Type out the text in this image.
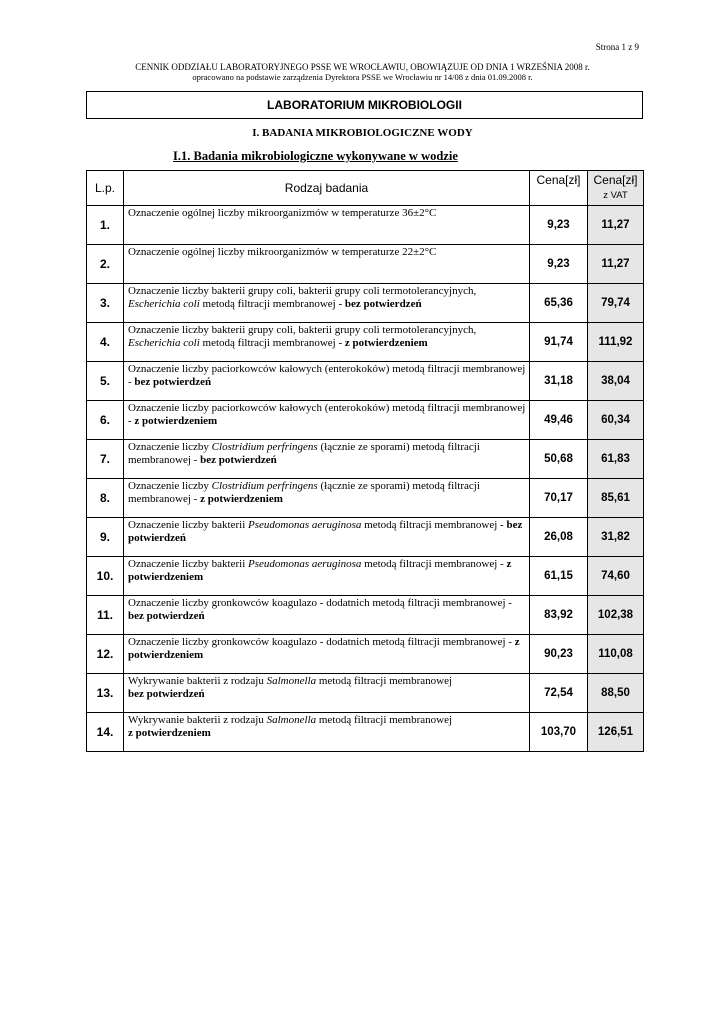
Strona 1 z 9
CENNIK ODDZIAŁU LABORATORYJNEGO PSSE WE WROCŁAWIU, OBOWIĄZUJE OD DNIA 1 WRZEŚNIA 2008 r.
opracowano na podstawie zarządzenia Dyrektora PSSE we Wrocławiu nr 14/08 z dnia 01.09.2008 r.
LABORATORIUM MIKROBIOLOGII
I. BADANIA MIKROBIOLOGICZNE WODY
I.1. Badania mikrobiologiczne wykonywane w wodzie
L.p.	Rodzaj badania	Cena[zł]	Cena[zł]
z VAT
1.	Oznaczenie ogólnej liczby mikroorganizmów w temperaturze 36±2°C	9,23	11,27
2.	Oznaczenie ogólnej liczby mikroorganizmów w temperaturze 22±2°C	9,23	11,27
3.	Oznaczenie liczby bakterii grupy coli, bakterii grupy coli termotolerancyjnych, Escherichia coli metodą filtracji membranowej - bez potwierdzeń	65,36	79,74
4.	Oznaczenie liczby bakterii grupy coli, bakterii grupy coli termotolerancyjnych, Escherichia coli metodą filtracji membranowej - z potwierdzeniem	91,74	111,92
5.	Oznaczenie liczby paciorkowców kałowych (enterokoków) metodą filtracji membranowej - bez potwierdzeń	31,18	38,04
6.	Oznaczenie liczby paciorkowców kałowych (enterokoków) metodą filtracji membranowej - z potwierdzeniem	49,46	60,34
7.	Oznaczenie liczby Clostridium perfringens (łącznie ze sporami) metodą filtracji membranowej - bez potwierdzeń	50,68	61,83
8.	Oznaczenie liczby Clostridium perfringens (łącznie ze sporami) metodą filtracji membranowej - z potwierdzeniem	70,17	85,61
9.	Oznaczenie liczby bakterii Pseudomonas aeruginosa metodą filtracji membranowej - bez potwierdzeń	26,08	31,82
10.	Oznaczenie liczby bakterii Pseudomonas aeruginosa metodą filtracji membranowej - z potwierdzeniem	61,15	74,60
11.	Oznaczenie liczby gronkowców koagulazo - dodatnich metodą filtracji membranowej - bez potwierdzeń	83,92	102,38
12.	Oznaczenie liczby gronkowców koagulazo - dodatnich metodą filtracji membranowej - z potwierdzeniem	90,23	110,08
13.	Wykrywanie bakterii z rodzaju Salmonella metodą filtracji membranowej
bez potwierdzeń	72,54	88,50
14.	Wykrywanie bakterii z rodzaju Salmonella metodą filtracji membranowej
z potwierdzeniem	103,70	126,51
